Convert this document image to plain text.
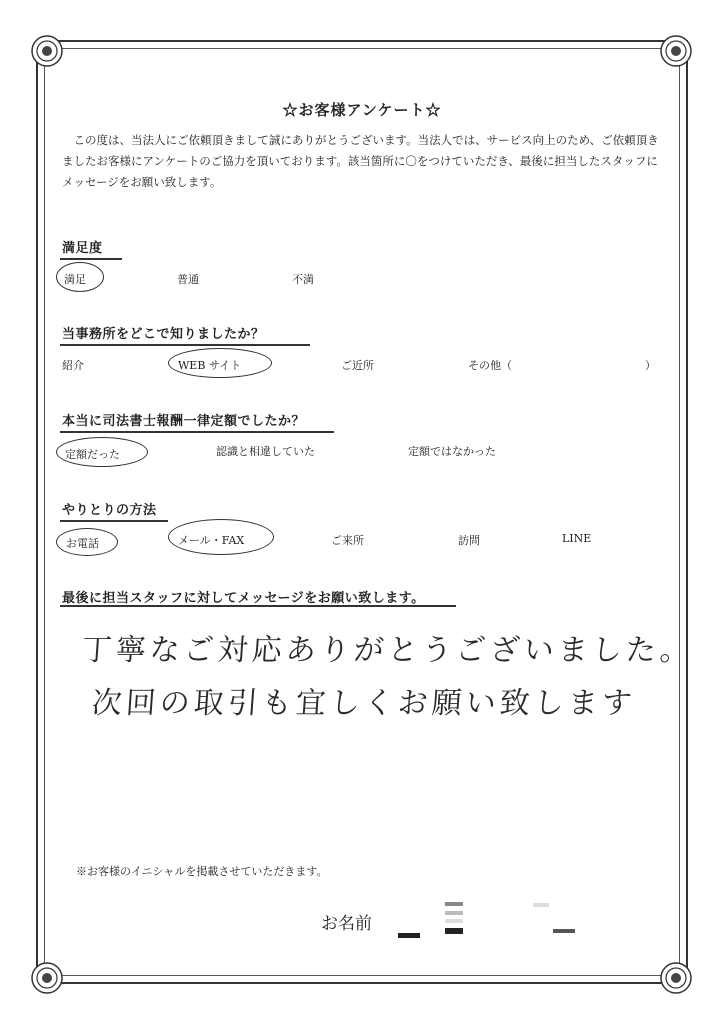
☆お客様アンケート☆
この度は、当法人にご依頼頂きまして誠にありがとうございます。当法人では、サービス向上のため、ご依頼頂きましたお客様にアンケートのご協力を頂いております。該当箇所に〇をつけていただき、最後に担当したスタッフにメッセージをお願い致します。
満足度
満足	普通	不満
当事務所をどこで知りましたか？
紹介	WEB サイト	ご近所	その他（	）
本当に司法書士報酬一律定額でしたか？
定額だった	認識と相違していた	定額ではなかった
やりとりの方法
お電話	メール・FAX	ご来所	訪問	LINE
最後に担当スタッフに対してメッセージをお願い致します。
丁寧なご対応ありがとうございました。
次回の取引も宜しくお願い致します
※お客様のイニシャルを掲載させていただきます。
お名前
